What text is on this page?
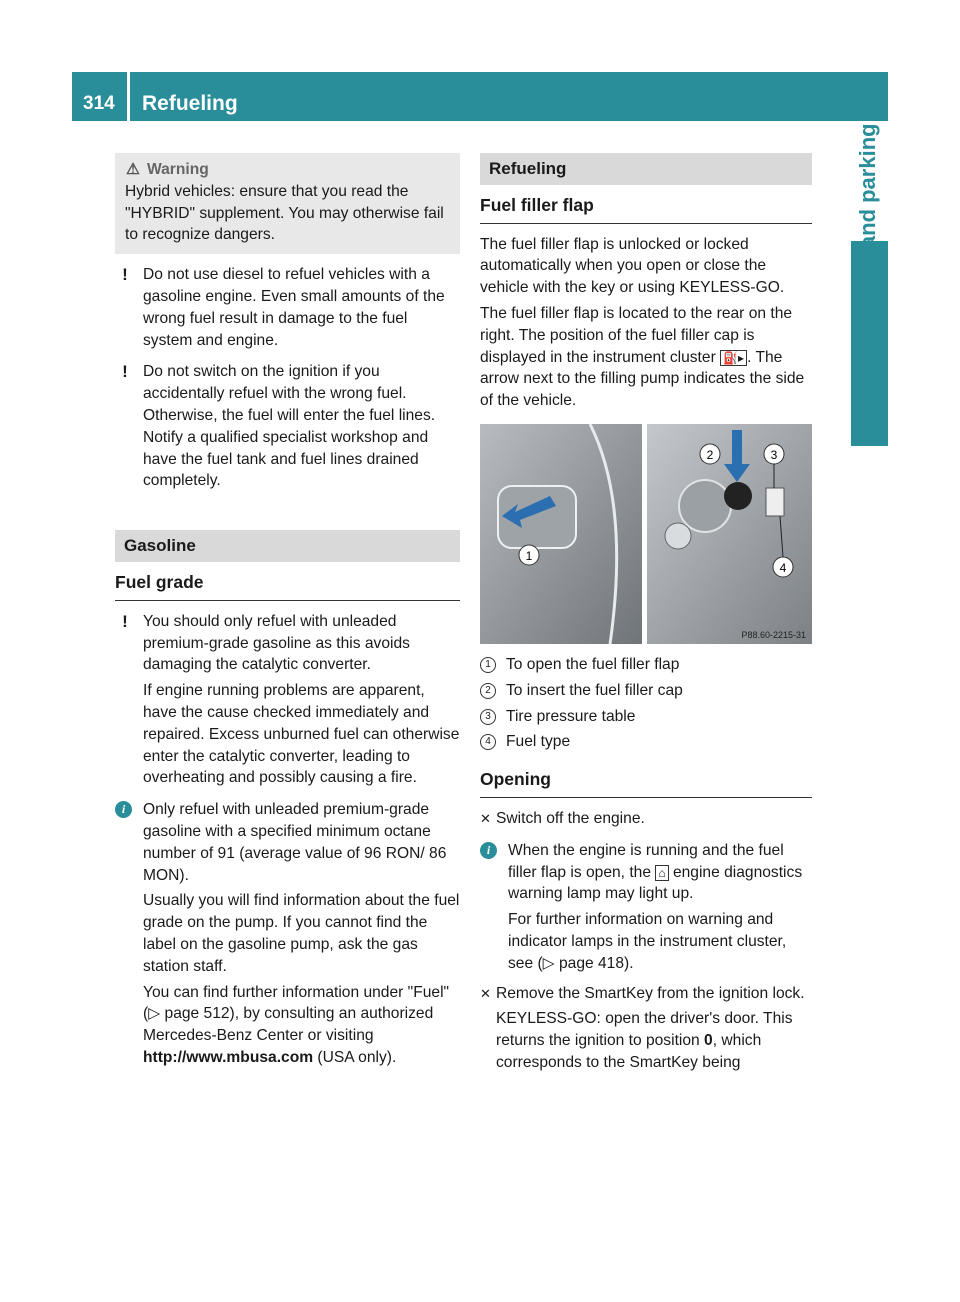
314	Refueling
Driving and parking
⚠ Warning
Hybrid vehicles: ensure that you read the "HYBRID" supplement. You may otherwise fail to recognize dangers.
! Do not use diesel to refuel vehicles with a gasoline engine. Even small amounts of the wrong fuel result in damage to the fuel system and engine.

! Do not switch on the ignition if you accidentally refuel with the wrong fuel. Otherwise, the fuel will enter the fuel lines. Notify a qualified specialist workshop and have the fuel tank and fuel lines drained completely.

Gasoline
Fuel grade
! You should only refuel with unleaded premium-grade gasoline as this avoids damaging the catalytic converter.

If engine running problems are apparent, have the cause checked immediately and repaired. Excess unburned fuel can otherwise enter the catalytic converter, leading to overheating and possibly causing a fire.

i	Only refuel with unleaded premium-grade gasoline with a specified minimum octane number of 91 (average value of 96 RON/ 86 MON).

Usually you will find information about the fuel grade on the pump. If you cannot find the label on the gasoline pump, ask the gas station staff.

You can find further information under "Fuel" (▷ page 512), by consulting an authorized Mercedes-Benz Center or visiting http://www.mbusa.com (USA only).

Refueling
Fuel filler flap

The fuel filler flap is unlocked or locked automatically when you open or close the vehicle with the key or using KEYLESS-GO.

The fuel filler flap is located to the rear on the right. The position of the fuel filler cap is displayed in the instrument cluster ⛽▸ . The arrow next to the filling pump indicates the side of the vehicle.

1
2	3
4
P88.60-2215-31
1 To open the fuel filler flap
2 To insert the fuel filler cap
3 Tire pressure table
4 Fuel type
Opening
✕ Switch off the engine.
i	When the engine is running and the fuel filler flap is open, the ⌂ engine diagnostics warning lamp may light up.

For further information on warning and indicator lamps in the instrument cluster, see (▷ page 418).

✕ Remove the SmartKey from the ignition lock.

KEYLESS-GO: open the driver's door. This returns the ignition to position 0, which corresponds to the SmartKey being
